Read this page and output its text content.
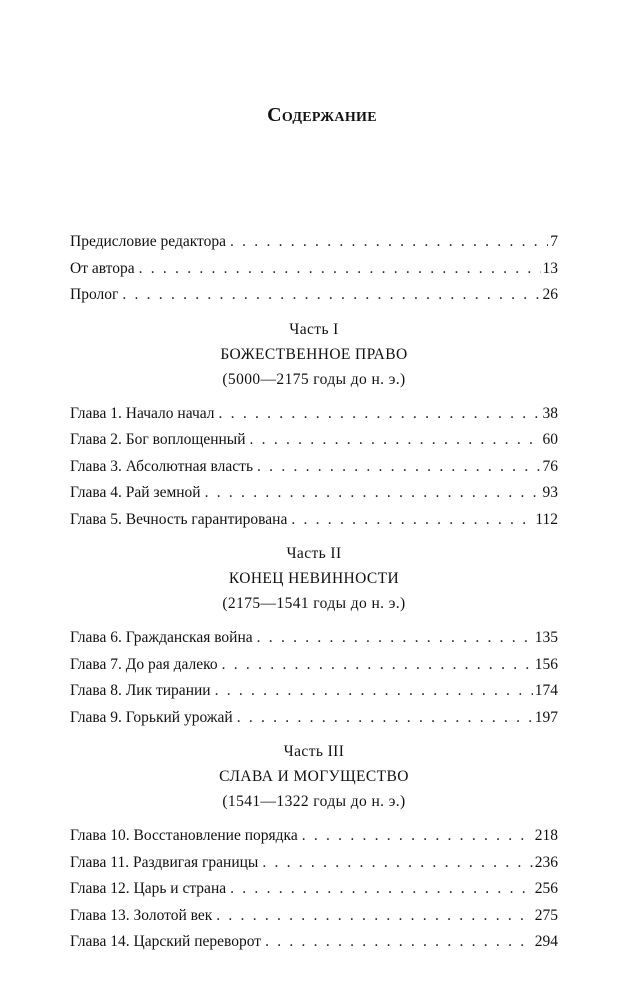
Содержание
Предисловие редактора . . .	7
От автора . . .	13
Пролог . . .	26
Часть I
БОЖЕСТВЕННОЕ ПРАВО
(5000—2175 годы до н. э.)
Глава 1. Начало начал . . .	38
Глава 2. Бог воплощенный . . .	60
Глава 3. Абсолютная власть . . .	76
Глава 4. Рай земной . . .	93
Глава 5. Вечность гарантирована . . .	112
Часть II
КОНЕЦ НЕВИННОСТИ
(2175—1541 годы до н. э.)
Глава 6. Гражданская война . . .	135
Глава 7. До рая далеко . . .	156
Глава 8. Лик тирании . . .	174
Глава 9. Горький урожай . . .	197
Часть III
СЛАВА И МОГУЩЕСТВО
(1541—1322 годы до н. э.)
Глава 10. Восстановление порядка . . .	218
Глава 11. Раздвигая границы . . .	236
Глава 12. Царь и страна . . .	256
Глава 13. Золотой век . . .	275
Глава 14. Царский переворот . . .	294
